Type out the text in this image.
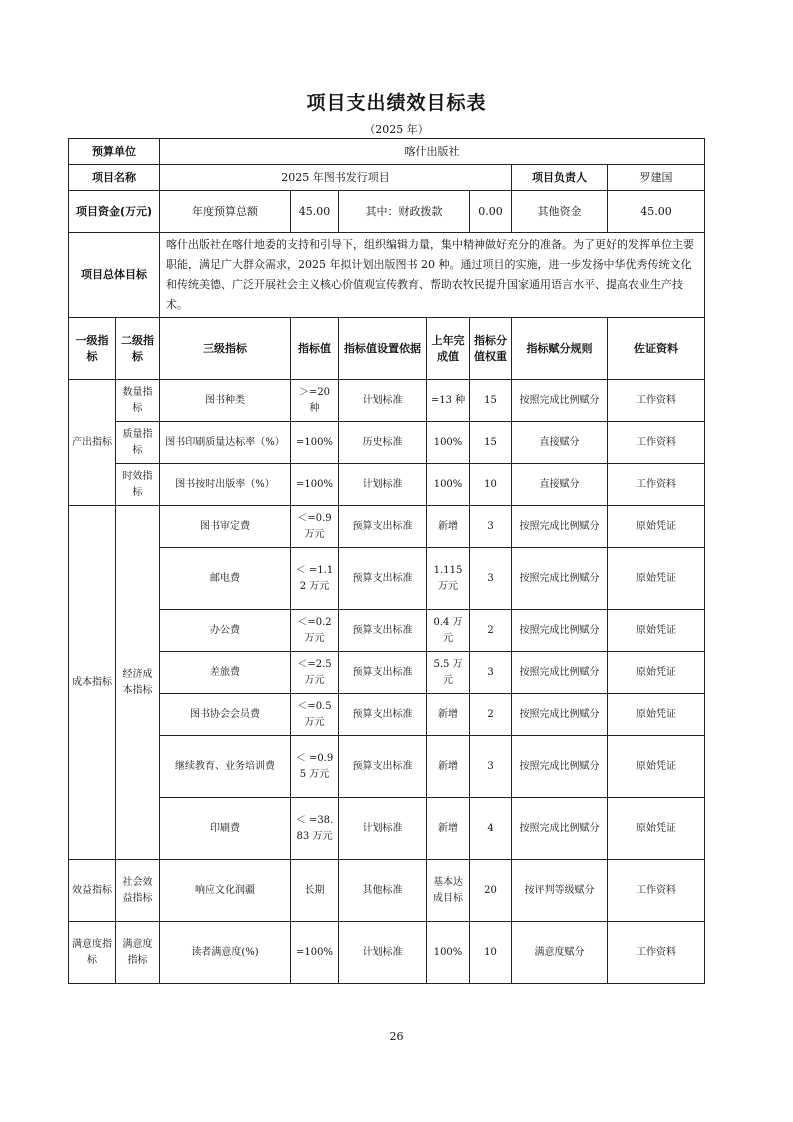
项目支出绩效目标表
（2025 年）
预算单位		喀什出版社						
项目名称		2025 年图书发行项目					项目负责人	罗建国
项目资金(万元)		年度预算总额	45.00	其中：财政拨款		0.00	其他资金	45.00
项目总体目标		喀什出版社在喀什地委的支持和引导下，组织编辑力量，集中精神做好充分的准备。为了更好的发挥单位主要职能，满足广大群众需求，2025 年拟计划出版图书 20 种。通过项目的实施，进一步发扬中华优秀传统文化和传统美德、广泛开展社会主义核心价值观宣传教育、帮助农牧民提升国家通用语言水平、提高农业生产技术。						
一级指标	二级指标	三级指标	指标值	指标值设置依据	上年完成值	指标分值权重	指标赋分规则	佐证资料
产出指标	数量指标	图书种类	＞=20 种	计划标准	=13 种	15	按照完成比例赋分	工作资料
	质量指标	图书印刷质量达标率（%）	=100%	历史标准	100%	15	直接赋分	工作资料
	时效指标	图书按时出版率（%）	=100%	计划标准	100%	10	直接赋分	工作资料
成本指标	经济成本指标	图书审定费	＜=0.9 万元	预算支出标准	新增	3	按照完成比例赋分	原始凭证
		邮电费	＜ =1.12 万元	预算支出标准	1.115 万元	3	按照完成比例赋分	原始凭证
		办公费	＜=0.2 万元	预算支出标准	0.4 万元	2	按照完成比例赋分	原始凭证
		差旅费	＜=2.5 万元	预算支出标准	5.5 万元	3	按照完成比例赋分	原始凭证
		图书协会会员费	＜=0.5 万元	预算支出标准	新增	2	按照完成比例赋分	原始凭证
		继续教育、业务培训费	＜ =0.95 万元	预算支出标准	新增	3	按照完成比例赋分	原始凭证
		印刷费	＜ =38.83 万元	计划标准	新增	4	按照完成比例赋分	原始凭证
效益指标	社会效益指标	响应文化润疆	长期	其他标准	基本达成目标	20	按评判等级赋分	工作资料
满意度指标	满意度指标	读者满意度(%)	=100%	计划标准	100%	10	满意度赋分	工作资料
26
